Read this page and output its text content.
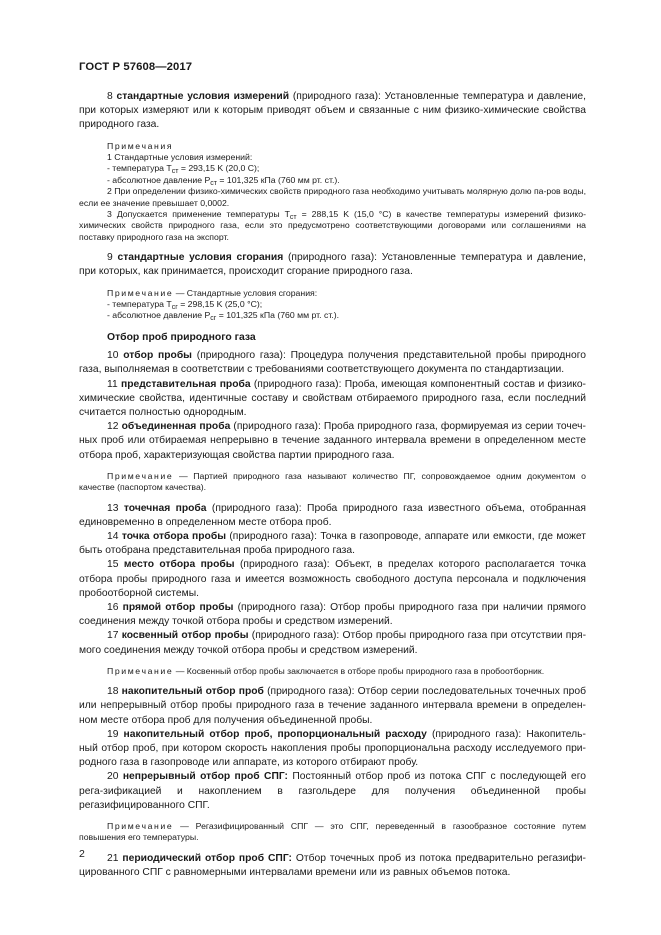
ГОСТ Р 57608—2017

8 стандартные условия измерений (природного газа): Установленные температура и давление, при которых измеряют или к которым приводят объем и связанные с ним физико-химические свойства природного газа.

Примечания

1 Стандартные условия измерений:

- температура $T_{ст} = 293,15$ K (20,0 C);

- абсолютное давление $P_{ст} = 101,325$ кПа (760 мм рт. ст.).

2 При определении физико-химических свойств природного газа необходимо учитывать молярную долю па-ров воды, если ее значение превышает 0,0002.

3 Допускается применение температуры $T_{ст} = 288,15$ K (15,0 °C) в качестве температуры измерений физико-химических свойств природного газа, если это предусмотрено соответствующими договорами или соглашениями на поставку природного газа на экспорт.

9 стандартные условия сгорания (природного газа): Установленные температура и давление, при которых, как принимается, происходит сгорание природного газа.

Примечание — Стандартные условия сгорания:

- температура $T_{сг} = 298,15$ K (25,0 °C);

- абсолютное давление $P_{сг} = 101,325$ кПа (760 мм рт. ст.).

Отбор проб природного газа

10 отбор пробы (природного газа): Процедура получения представительной пробы природного газа, выполняемая в соответствии с требованиями соответствующего документа по стандартизации.

11 представительная проба (природного газа): Проба, имеющая компонентный состав и физико-химические свойства, идентичные составу и свойствам отбираемого природного газа, если последний считается полностью однородным.

12 объединенная проба (природного газа): Проба природного газа, формируемая из серии точеч-ных проб или отбираемая непрерывно в течение заданного интервала времени в определенном месте отбора проб, характеризующая свойства партии природного газа.

Примечание — Партией природного газа называют количество ПГ, сопровождаемое одним документом о качестве (паспортом качества).

13 точечная проба (природного газа): Проба природного газа известного объема, отобранная единовременно в определенном месте отбора проб.

14 точка отбора пробы (природного газа): Точка в газопроводе, аппарате или емкости, где может быть отобрана представительная проба природного газа.

15 место отбора пробы (природного газа): Объект, в пределах которого располагается точка отбора пробы природного газа и имеется возможность свободного доступа персонала и подключения пробоотборной системы.

16 прямой отбор пробы (природного газа): Отбор пробы природного газа при наличии прямого соединения между точкой отбора пробы и средством измерений.

17 косвенный отбор пробы (природного газа): Отбор пробы природного газа при отсутствии пря-мого соединения между точкой отбора пробы и средством измерений.

Примечание — Косвенный отбор пробы заключается в отборе пробы природного газа в пробоотборник.

18 накопительный отбор проб (природного газа): Отбор серии последовательных точечных проб или непрерывный отбор пробы природного газа в течение заданного интервала времени в определен-ном месте отбора проб для получения объединенной пробы.

19 накопительный отбор проб, пропорциональный расходу (природного газа): Накопитель-ный отбор проб, при котором скорость накопления пробы пропорциональна расходу исследуемого при-родного газа в газопроводе или аппарате, из которого отбирают пробу.

20 непрерывный отбор проб СПГ: Постоянный отбор проб из потока СПГ с последующей его рега-зификацией и накоплением в газгольдере для получения объединенной пробы регазифицированного СПГ.

Примечание — Регазифицированный СПГ — это СПГ, переведенный в газообразное состояние путем повышения его температуры.

21 периодический отбор проб СПГ: Отбор точечных проб из потока предварительно регазифи-цированного СПГ с равномерными интервалами времени или из равных объемов потока.

2
